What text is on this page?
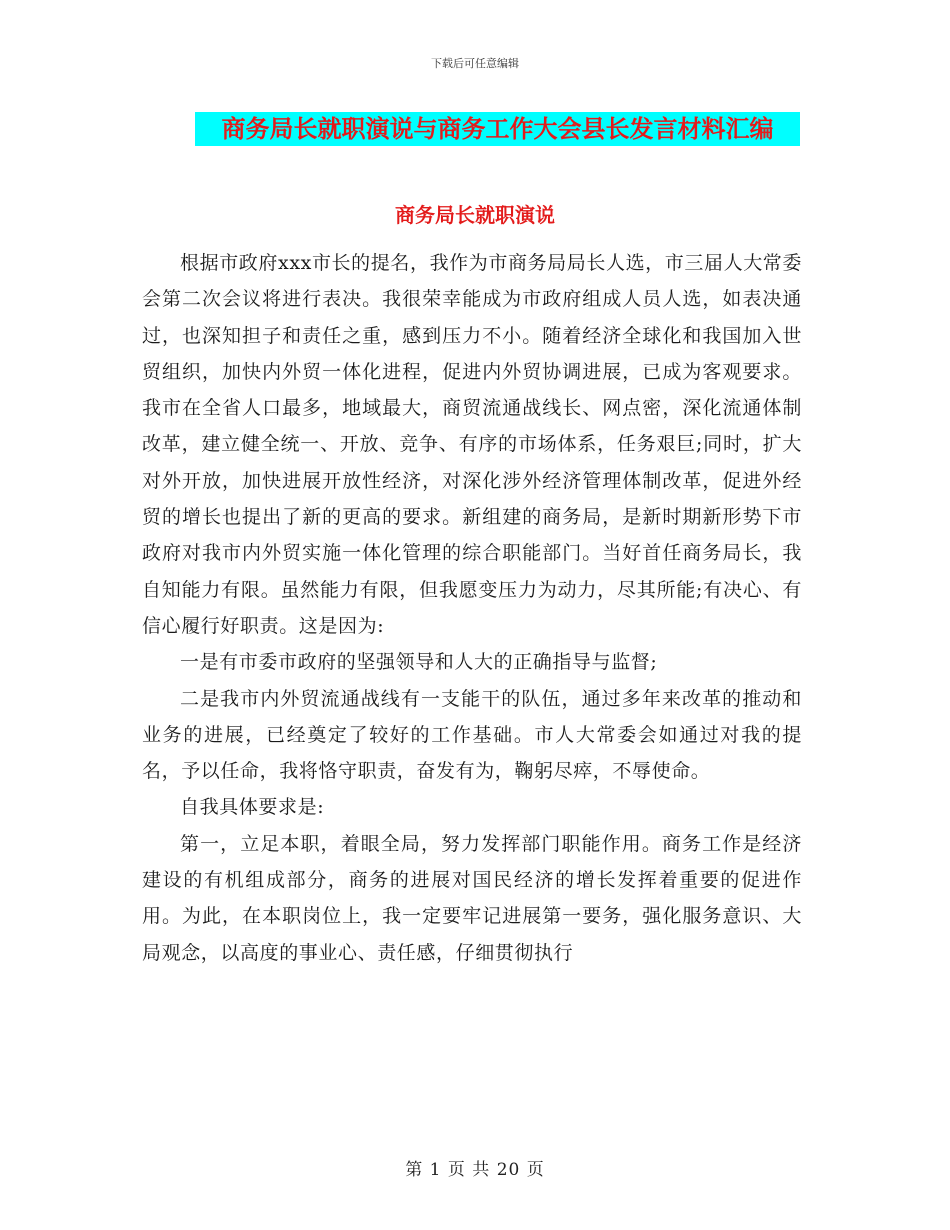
下载后可任意编辑
商务局长就职演说与商务工作大会县长发言材料汇编
商务局长就职演说

根据市政府xxx市长的提名，我作为市商务局局长人选，市三届人大常委会第二次会议将进行表决。我很荣幸能成为市政府组成人员人选，如表决通过，也深知担子和责任之重，感到压力不小。随着经济全球化和我国加入世贸组织，加快内外贸一体化进程，促进内外贸协调进展，已成为客观要求。我市在全省人口最多，地域最大，商贸流通战线长、网点密，深化流通体制改革，建立健全统一、开放、竞争、有序的市场体系，任务艰巨;同时，扩大对外开放，加快进展开放性经济，对深化涉外经济管理体制改革，促进外经贸的增长也提出了新的更高的要求。新组建的商务局，是新时期新形势下市政府对我市内外贸实施一体化管理的综合职能部门。当好首任商务局长，我自知能力有限。虽然能力有限，但我愿变压力为动力，尽其所能;有决心、有信心履行好职责。这是因为:

一是有市委市政府的坚强领导和人大的正确指导与监督;

二是我市内外贸流通战线有一支能干的队伍，通过多年来改革的推动和业务的进展，已经奠定了较好的工作基础。市人大常委会如通过对我的提名，予以任命，我将恪守职责，奋发有为，鞠躬尽瘁，不辱使命。

自我具体要求是:

第一，立足本职，着眼全局，努力发挥部门职能作用。商务工作是经济建设的有机组成部分，商务的进展对国民经济的增长发挥着重要的促进作用。为此，在本职岗位上，我一定要牢记进展第一要务，强化服务意识、大局观念，以高度的事业心、责任感，仔细贯彻执行

第 1 页 共 20 页
